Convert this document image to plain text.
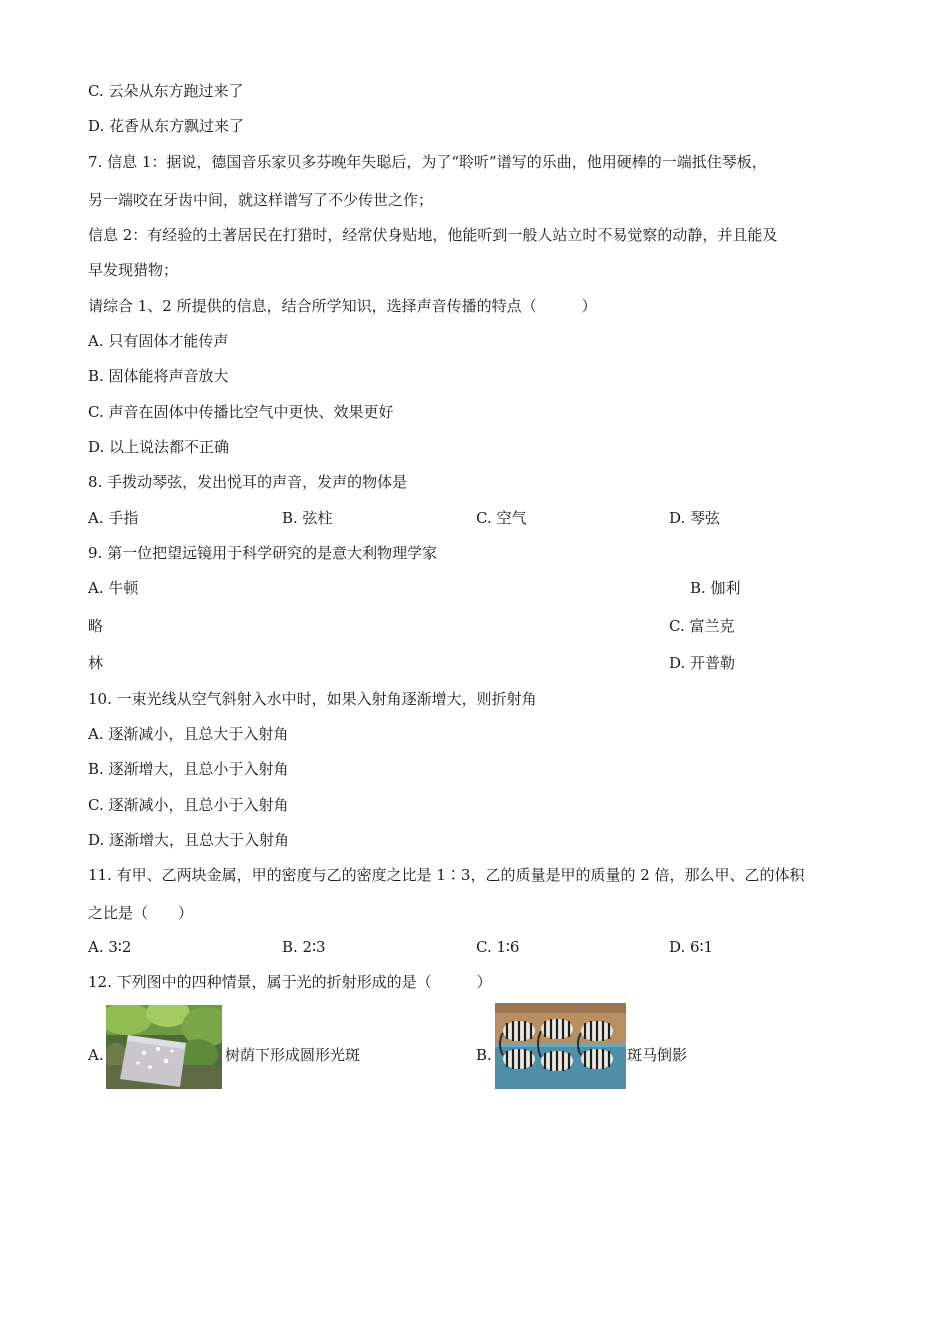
C. 云朵从东方跑过来了
D. 花香从东方飘过来了
7. 信息 1：据说，德国音乐家贝多芬晚年失聪后，为了“聆听”谱写的乐曲，他用硬棒的一端抵住琴板，
另一端咬在牙齿中间，就这样谱写了不少传世之作；
信息 2：有经验的土著居民在打猎时，经常伏身贴地，他能听到一般人站立时不易觉察的动静，并且能及
早发现猎物；
请综合 1、2 所提供的信息，结合所学知识，选择声音传播的特点（　　　）
A. 只有固体才能传声
B. 固体能将声音放大
C. 声音在固体中传播比空气中更快、效果更好
D. 以上说法都不正确
8. 手拨动琴弦，发出悦耳的声音，发声的物体是
A. 手指	B. 弦柱	C. 空气	D. 琴弦
9. 第一位把望远镜用于科学研究的是意大利物理学家
A. 牛顿	B. 伽利
略	C. 富兰克
林	D. 开普勒
10. 一束光线从空气斜射入水中时，如果入射角逐渐增大，则折射角
A. 逐渐减小，且总大于入射角
B. 逐渐增大，且总小于入射角
C. 逐渐减小，且总小于入射角
D. 逐渐增大，且总大于入射角
11. 有甲、乙两块金属，甲的密度与乙的密度之比是 1∶3，乙的质量是甲的质量的 2 倍，那么甲、乙的体积
之比是（　　）
A. 3∶2	B. 2∶3	C. 1∶6	D. 6∶1
12. 下列图中的四种情景，属于光的折射形成的是（　　　）
A.	树荫下形成圆形光斑	B.	斑马倒影
